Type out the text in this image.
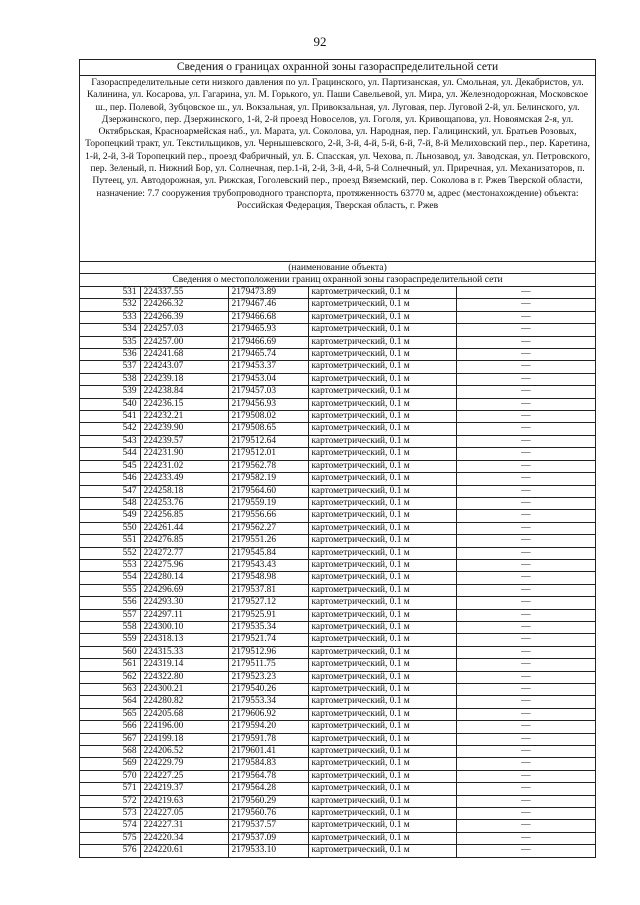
92
Сведения о границах охранной зоны газораспределительной сети
Газораспределительные сети низкого давления по ул. Грацинского, ул. Партизанская, ул. Смольная, ул. Декабристов, ул. Калинина, ул. Косарова, ул. Гагарина, ул. М. Горького, ул. Паши Савельевой, ул. Мира, ул. Железнодорожная, Московское ш., пер. Полевой, Зубцовское ш., ул. Вокзальная, ул. Привокзальная, ул. Луговая, пер. Луговой 2-й, ул. Белинского, ул. Дзержинского, пер. Дзержинского, 1-й, 2-й проезд Новоселов, ул. Гоголя, ул. Кривощапова, ул. Новоямская 2-я, ул. Октябрьская, Красноармейская наб., ул. Марата, ул. Соколова, ул. Народная, пер. Галицинский, ул. Братьев Розовых, Торопецкий тракт, ул. Текстильщиков, ул. Чернышевского, 2-й, 3-й, 4-й, 5-й, 6-й, 7-й, 8-й Мелиховский пер., пер. Каретина, 1-й, 2-й, 3-й Торопецкий пер., проезд Фабричный, ул. Б. Спасская, ул. Чехова, п. Льнозавод, ул. Заводская, ул. Петровского, пер. Зеленый, п. Нижний Бор, ул. Солнечная, пер.1-й, 2-й, 3-й, 4-й, 5-й Солнечный, ул. Приречная, ул. Механизаторов, п. Путеец, ул. Автодорожная, ул. Рижская, Гоголевский пер., проезд Вяземский, пер. Соколова в г. Ржев Тверской области, назначение: 7.7 сооружения трубопроводного транспорта, протяженность 63770 м, адрес (местонахождение) объекта: Российская Федерация, Тверская область, г. Ржев
(наименование объекта)
Сведения о местоположении границ охранной зоны газораспределительной сети
531	224337.55	2179473.89	картометрический, 0.1 м	—
532	224266.32	2179467.46	картометрический, 0.1 м	—
533	224266.39	2179466.68	картометрический, 0.1 м	—
534	224257.03	2179465.93	картометрический, 0.1 м	—
535	224257.00	2179466.69	картометрический, 0.1 м	—
536	224241.68	2179465.74	картометрический, 0.1 м	—
537	224243.07	2179453.37	картометрический, 0.1 м	—
538	224239.18	2179453.04	картометрический, 0.1 м	—
539	224238.84	2179457.03	картометрический, 0.1 м	—
540	224236.15	2179456.93	картометрический, 0.1 м	—
541	224232.21	2179508.02	картометрический, 0.1 м	—
542	224239.90	2179508.65	картометрический, 0.1 м	—
543	224239.57	2179512.64	картометрический, 0.1 м	—
544	224231.90	2179512.01	картометрический, 0.1 м	—
545	224231.02	2179562.78	картометрический, 0.1 м	—
546	224233.49	2179582.19	картометрический, 0.1 м	—
547	224258.18	2179564.60	картометрический, 0.1 м	—
548	224253.76	2179559.19	картометрический, 0.1 м	—
549	224256.85	2179556.66	картометрический, 0.1 м	—
550	224261.44	2179562.27	картометрический, 0.1 м	—
551	224276.85	2179551.26	картометрический, 0.1 м	—
552	224272.77	2179545.84	картометрический, 0.1 м	—
553	224275.96	2179543.43	картометрический, 0.1 м	—
554	224280.14	2179548.98	картометрический, 0.1 м	—
555	224296.69	2179537.81	картометрический, 0.1 м	—
556	224293.30	2179527.12	картометрический, 0.1 м	—
557	224297.11	2179525.91	картометрический, 0.1 м	—
558	224300.10	2179535.34	картометрический, 0.1 м	—
559	224318.13	2179521.74	картометрический, 0.1 м	—
560	224315.33	2179512.96	картометрический, 0.1 м	—
561	224319.14	2179511.75	картометрический, 0.1 м	—
562	224322.80	2179523.23	картометрический, 0.1 м	—
563	224300.21	2179540.26	картометрический, 0.1 м	—
564	224280.82	2179553.34	картометрический, 0.1 м	—
565	224205.68	2179606.92	картометрический, 0.1 м	—
566	224196.00	2179594.20	картометрический, 0.1 м	—
567	224199.18	2179591.78	картометрический, 0.1 м	—
568	224206.52	2179601.41	картометрический, 0.1 м	—
569	224229.79	2179584.83	картометрический, 0.1 м	—
570	224227.25	2179564.78	картометрический, 0.1 м	—
571	224219.37	2179564.28	картометрический, 0.1 м	—
572	224219.63	2179560.29	картометрический, 0.1 м	—
573	224227.05	2179560.76	картометрический, 0.1 м	—
574	224227.31	2179537.57	картометрический, 0.1 м	—
575	224220.34	2179537.09	картометрический, 0.1 м	—
576	224220.61	2179533.10	картометрический, 0.1 м	—
